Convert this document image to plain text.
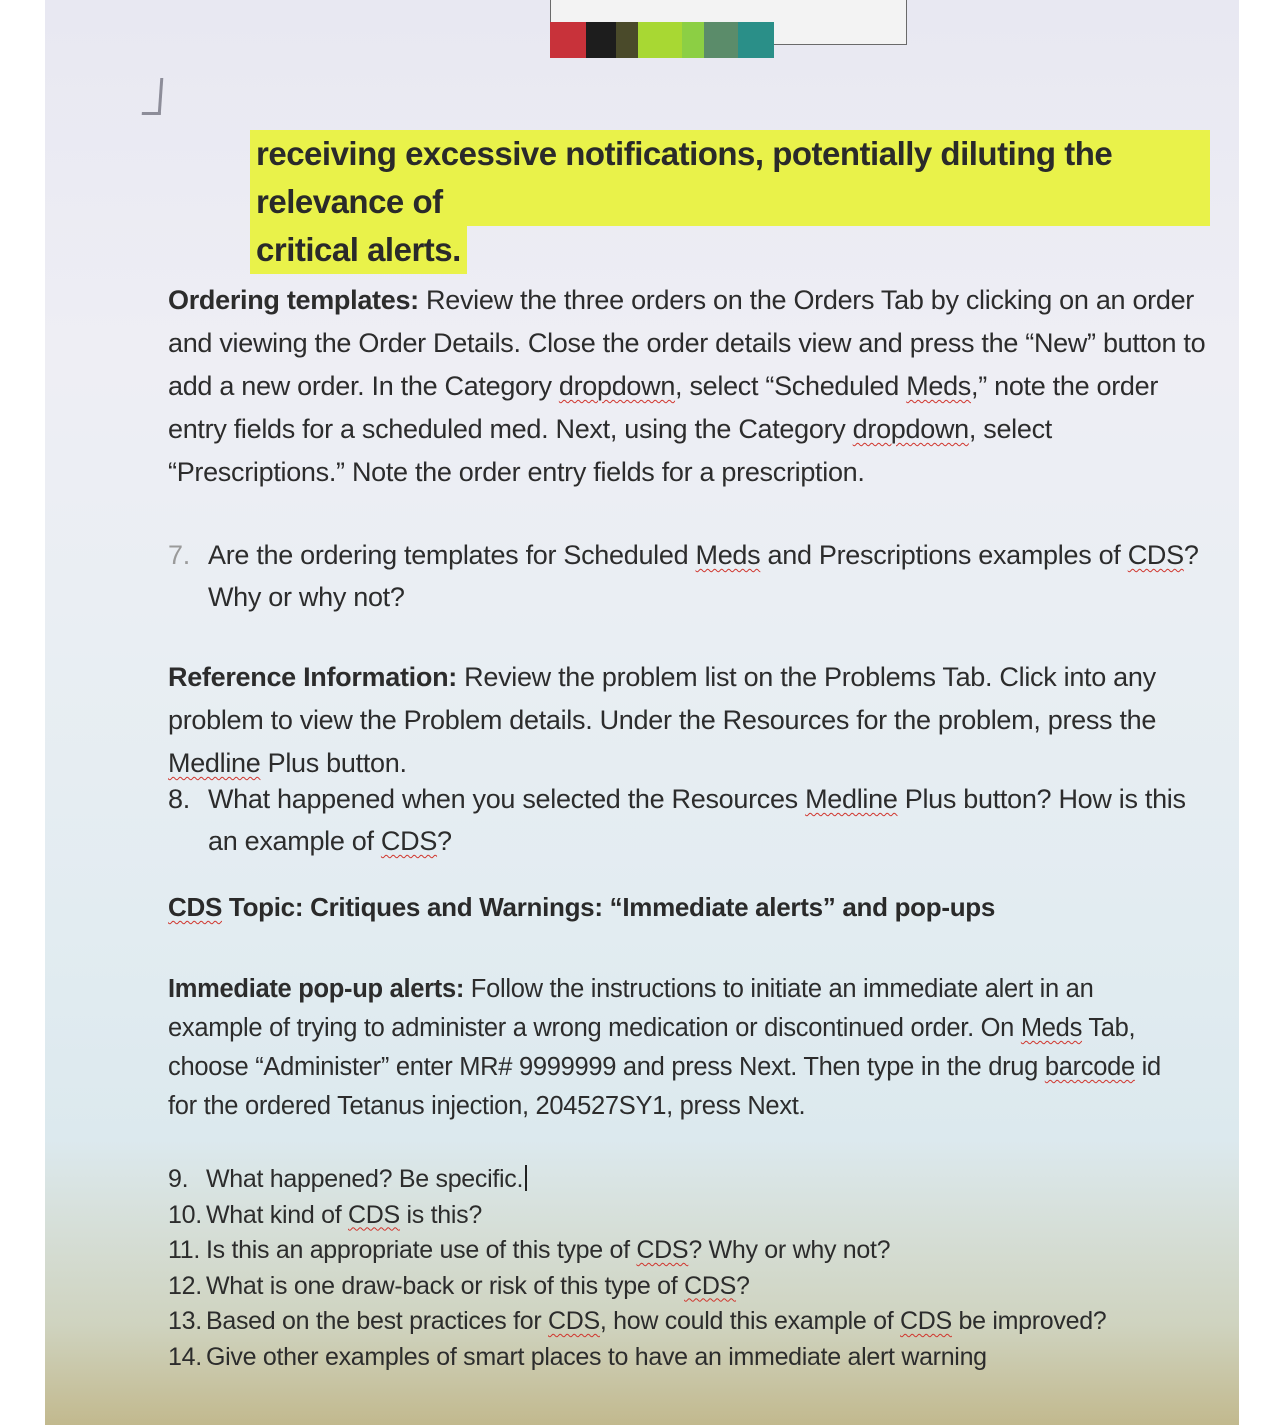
receiving excessive notifications, potentially diluting the relevance of
critical alerts.
Ordering templates: Review the three orders on the Orders Tab by clicking on an order and viewing the Order Details. Close the order details view and press the “New” button to add a new order. In the Category dropdown, select “Scheduled Meds,” note the order entry fields for a scheduled med. Next, using the Category dropdown, select “Prescriptions.” Note the order entry fields for a prescription.
7. Are the ordering templates for Scheduled Meds and Prescriptions examples of CDS? Why or why not?
Reference Information: Review the problem list on the Problems Tab. Click into any problem to view the Problem details. Under the Resources for the problem, press the Medline Plus button.
8. What happened when you selected the Resources Medline Plus button? How is this an example of CDS?
CDS Topic: Critiques and Warnings: “Immediate alerts” and pop-ups
Immediate pop-up alerts: Follow the instructions to initiate an immediate alert in an example of trying to administer a wrong medication or discontinued order. On Meds Tab, choose “Administer” enter MR# 9999999 and press Next. Then type in the drug barcode id for the ordered Tetanus injection, 204527SY1, press Next.
9. What happened? Be specific.
10. What kind of CDS is this?
11. Is this an appropriate use of this type of CDS? Why or why not?
12. What is one draw-back or risk of this type of CDS?
13. Based on the best practices for CDS, how could this example of CDS be improved?
14. Give other examples of smart places to have an immediate alert warning
